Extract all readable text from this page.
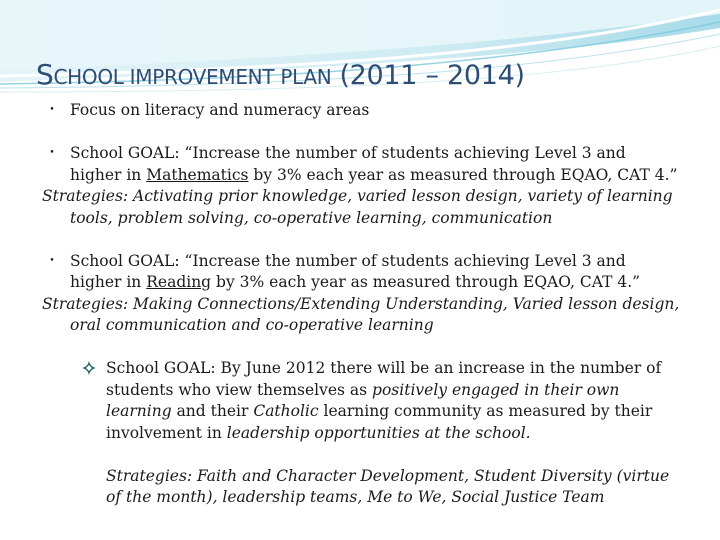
SCHOOL IMPROVEMENT PLAN (2011 – 2014)
• Focus on literacy and numeracy areas
• School GOAL: “Increase the number of students achieving Level 3 and higher in Mathematics by 3% each year as measured through EQAO, CAT 4.”
Strategies: Activating prior knowledge, varied lesson design, variety of learning tools, problem solving, co-operative learning, communication
• School GOAL: “Increase the number of students achieving Level 3 and higher in Reading by 3% each year as measured through EQAO, CAT 4.”
Strategies: Making Connections/Extending Understanding, Varied lesson design, oral communication and co-operative learning
School GOAL: By June 2012 there will be an increase in the number of students who view themselves as positively engaged in their own learning and their Catholic learning community as measured by their involvement in leadership opportunities at the school.
Strategies: Faith and Character Development, Student Diversity (virtue of the month), leadership teams, Me to We, Social Justice Team
